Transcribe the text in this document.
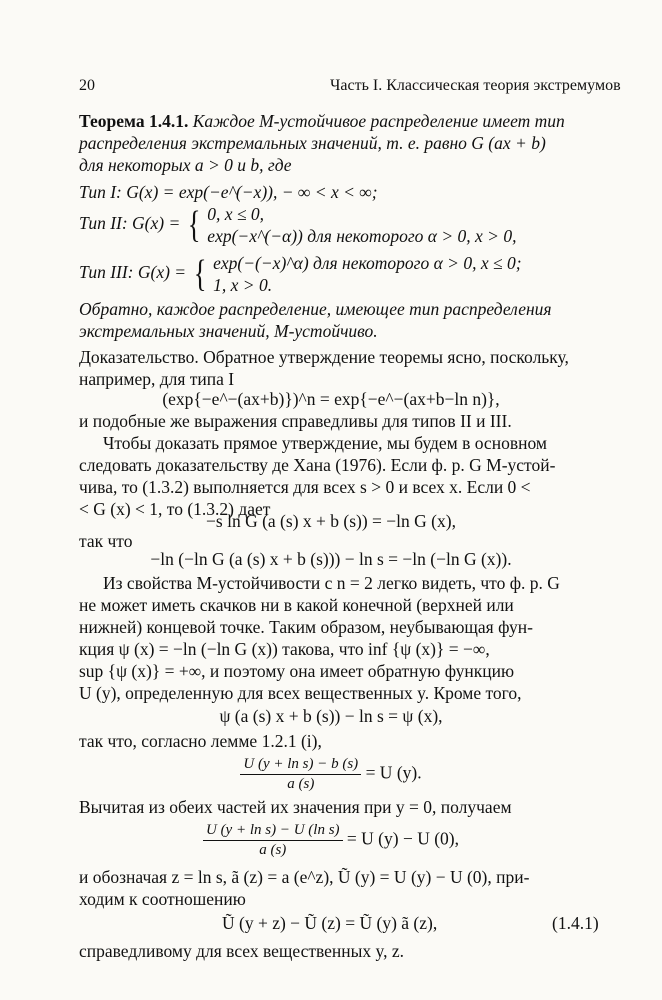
20	Часть I. Классическая теория экстремумов
Теорема 1.4.1. Каждое M-устойчивое распределение имеет тип
распределения экстремальных значений, т. е. равно G (ax + b)
для некоторых a > 0 и b, где
Тип I: G(x) = exp(−e^(−x)), − ∞ < x < ∞;
Тип II: G(x) = { 0, x ≤ 0,
exp(−x^(−α)) для некоторого α > 0, x > 0,
Тип III: G(x) = { exp(−(−x)^α) для некоторого α > 0, x ≤ 0;
1, x > 0.
Обратно, каждое распределение, имеющее тип распределения
экстремальных значений, M-устойчиво.
Доказательство. Обратное утверждение теоремы ясно, поскольку,
например, для типа I
(exp{−e^−(ax+b)})^n = exp{−e^−(ax+b−ln n)},
и подобные же выражения справедливы для типов II и III.
Чтобы доказать прямое утверждение, мы будем в основном
следовать доказательству де Хана (1976). Если ф. р. G M-устой-
чива, то (1.3.2) выполняется для всех s > 0 и всех x. Если 0 <
< G (x) < 1, то (1.3.2) дает
−s ln G (a (s) x + b (s)) = −ln G (x),
так что
−ln (−ln G (a (s) x + b (s))) − ln s = −ln (−ln G (x)).
Из свойства M-устойчивости с n = 2 легко видеть, что ф. р. G
не может иметь скачков ни в какой конечной (верхней или
нижней) концевой точке. Таким образом, неубывающая фун-
кция ψ (x) = −ln (−ln G (x)) такова, что inf {ψ (x)} = −∞,
sup {ψ (x)} = +∞, и поэтому она имеет обратную функцию
U (y), определенную для всех вещественных y. Кроме того,
ψ (a (s) x + b (s)) − ln s = ψ (x),
так что, согласно лемме 1.2.1 (i),
$\frac{\text{U (y + ln s) − b (s)}}{a (s)} = U$ (y).
Вычитая из обеих частей их значения при y = 0, получаем
$\frac{\text{U (y + ln s) − U (ln s)}}{a (s)} = U$ (y) − U (0),
и обозначая z = ln s, ã (z) = a (e^z), Ũ (y) = U (y) − U (0), при-
ходим к соотношению
Ũ (y + z) − Ũ (z) = Ũ (y) ã (z),	(1.4.1)
справедливому для всех вещественных y, z.
